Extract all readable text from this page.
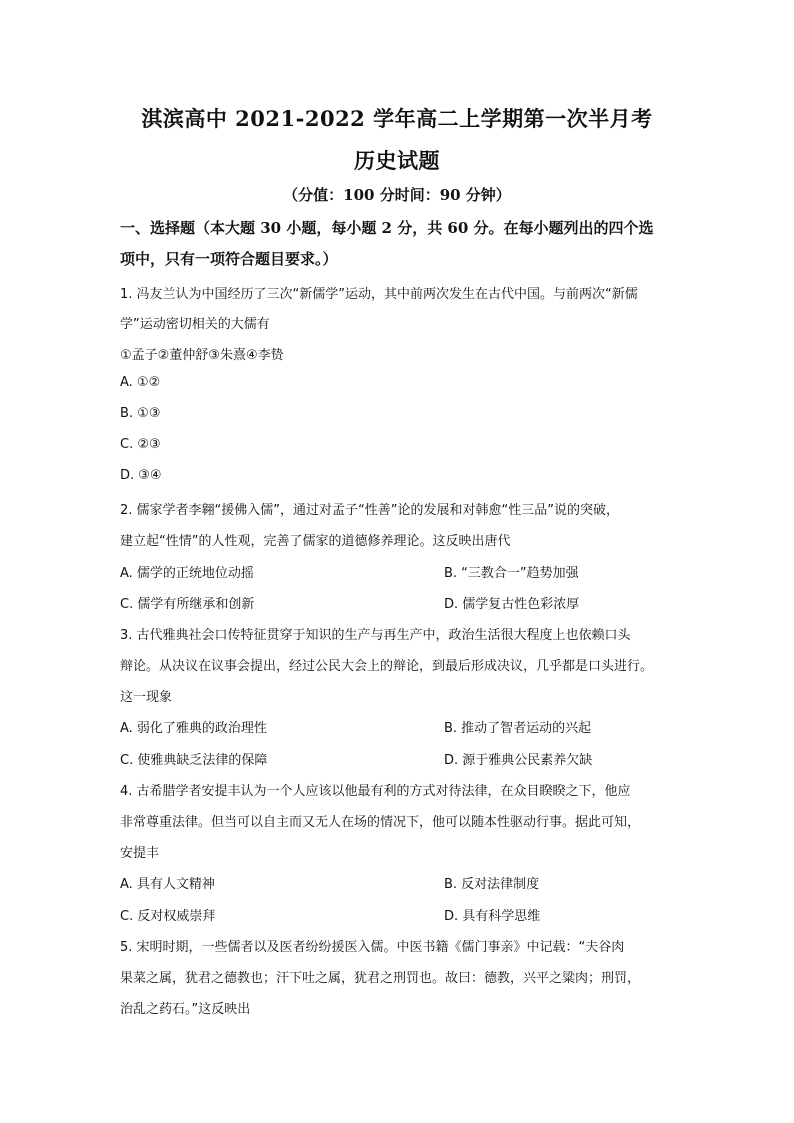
淇滨高中 2021-2022 学年高二上学期第一次半月考
历史试题
（分值：100 分时间：90 分钟）
一、选择题（本大题 30 小题，每小题 2 分，共 60 分。在每小题列出的四个选
项中，只有一项符合题目要求。）
1. 冯友兰认为中国经历了三次“新儒学”运动，其中前两次发生在古代中国。与前两次“新儒
学”运动密切相关的大儒有
①孟子②董仲舒③朱熹④李贽
A. ①②
B. ①③
C. ②③
D. ③④
2. 儒家学者李翱“援佛入儒”，通过对孟子“性善”论的发展和对韩愈“性三品”说的突破，
建立起“性情”的人性观，完善了儒家的道德修养理论。这反映出唐代
A. 儒学的正统地位动摇	B. “三教合一”趋势加强
C. 儒学有所继承和创新	D. 儒学复古性色彩浓厚
3. 古代雅典社会口传特征贯穿于知识的生产与再生产中，政治生活很大程度上也依赖口头
辩论。从决议在议事会提出，经过公民大会上的辩论，到最后形成决议，几乎都是口头进行。
这一现象
A. 弱化了雅典的政治理性	B. 推动了智者运动的兴起
C. 使雅典缺乏法律的保障	D. 源于雅典公民素养欠缺
4. 古希腊学者安提丰认为一个人应该以他最有利的方式对待法律，在众目睽睽之下，他应
非常尊重法律。但当可以自主而又无人在场的情况下，他可以随本性驱动行事。据此可知，
安提丰
A. 具有人文精神	B. 反对法律制度
C. 反对权威崇拜	D. 具有科学思维
5. 宋明时期，一些儒者以及医者纷纷援医入儒。中医书籍《儒门事亲》中记载：“夫谷肉
果菜之属，犹君之德教也；汗下吐之属，犹君之刑罚也。故曰：德教，兴平之粱肉；刑罚，
治乱之药石。”这反映出
